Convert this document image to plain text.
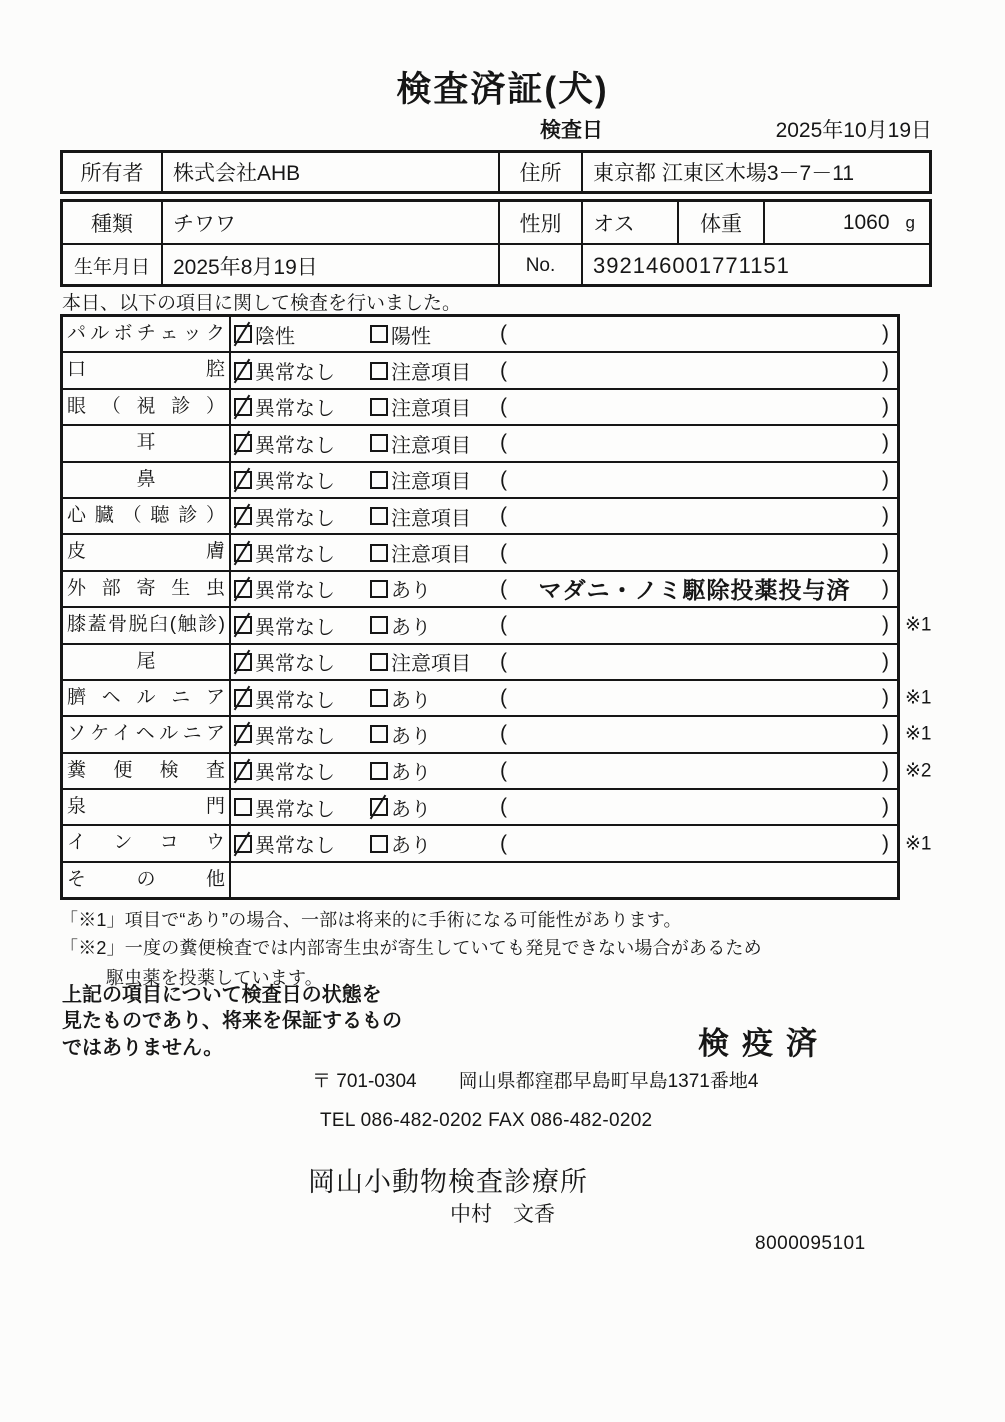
検査済証(犬)
検査日	2025年10月19日
所有者	株式会社AHB	住所	東京都 江東区木場3－7－11
種類	チワワ	性別	オス	体重	1060 g
生年月日	2025年8月19日	No.	392146001771151
本日、以下の項目に関して検査を行いました。
パルボチェック	陰性	陽性	(	)
口腔	異常なし	注意項目 (	)
眼（視診）	異常なし	注意項目 (	)
耳	異常なし	注意項目 (	)
鼻	異常なし	注意項目 (	)
心臓（聴診）	異常なし	注意項目 (	)
皮膚	異常なし	注意項目 (	)
外部寄生虫	異常なし	あり	(	マダニ・ノミ駆除投薬投与済	)
膝蓋骨脱臼(触診)	異常なし	あり	(	) ※1
尾	異常なし	注意項目 (	)
臍ヘルニア	異常なし	あり	(	) ※1
ソケイヘルニア	異常なし	あり	(	) ※1
糞便検査	異常なし	あり	(	) ※2
泉門	異常なし	あり	(	)
インコウ	異常なし	あり	(	) ※1
その他
「※1」項目で“あり”の場合、一部は将来的に手術になる可能性があります。
「※2」一度の糞便検査では内部寄生虫が寄生していても発見できない場合があるため
駆虫薬を投薬しています。
上記の項目について検査日の状態を
見たものであり、将来を保証するもの
ではありません。	検疫済
〒 701-0304 岡山県都窪郡早島町早島1371番地4
TEL 086-482-0202 FAX 086-482-0202
岡山小動物検査診療所
中村　文香
8000095101
